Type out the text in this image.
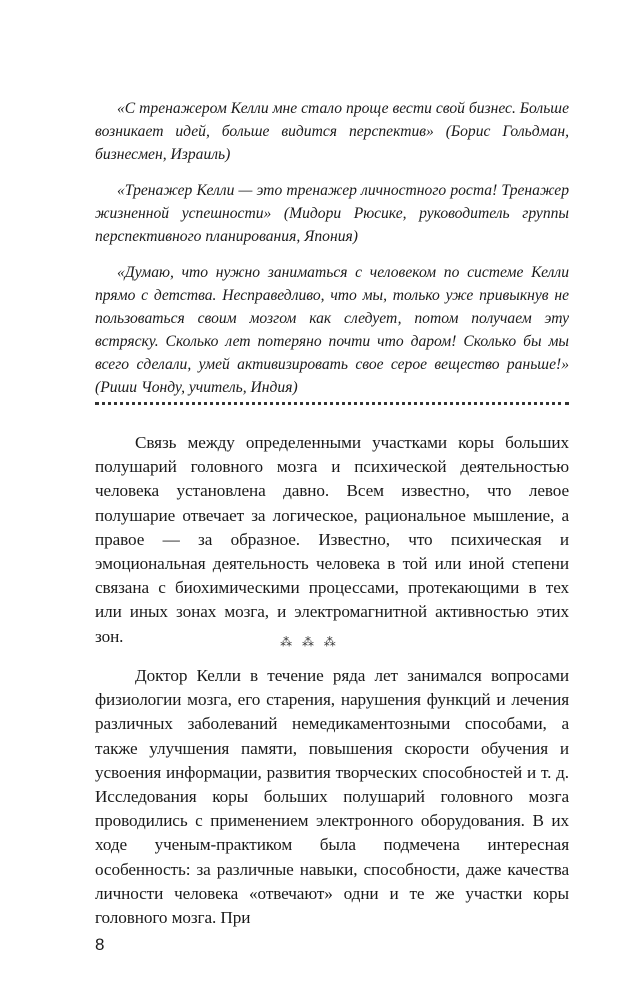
«С тренажером Келли мне стало проще вести свой бизнес. Больше возникает идей, больше видится перспектив» (Борис Гольдман, бизнесмен, Израиль)

«Тренажер Келли — это тренажер личностного роста! Тренажер жизненной успешности» (Мидори Рюсике, руководитель группы перспективного планирования, Япония)

«Думаю, что нужно заниматься с человеком по системе Келли прямо с детства. Несправедливо, что мы, только уже привыкнув не пользоваться своим мозгом как следует, потом получаем эту встряску. Сколько лет потеряно почти что даром! Сколько бы мы всего сделали, умей активизировать свое серое вещество раньше!» (Риши Чонду, учитель, Индия)

Связь между определенными участками коры больших полушарий головного мозга и психической деятельностью человека установлена давно. Всем известно, что левое полушарие отвечает за логическое, рациональное мышление, а правое — за образное. Известно, что психическая и эмоциональная деятельность человека в той или иной степени связана с биохимическими процессами, протекающими в тех или иных зонах мозга, и электромагнитной активностью этих зон.	⁂ ⁂ ⁂

Доктор Келли в течение ряда лет занимался вопросами физиологии мозга, его старения, нарушения функций и лечения различных заболеваний немедикаментозными способами, а также улучшения памяти, повышения скорости обучения и усвоения информации, развития творческих способностей и т. д. Исследования коры больших полушарий головного мозга проводились с применением электронного оборудования. В их ходе ученым-практиком была подмечена интересная особенность: за различные навыки, способности, даже качества личности человека «отвечают» одни и те же участки коры головного мозга. При

8
